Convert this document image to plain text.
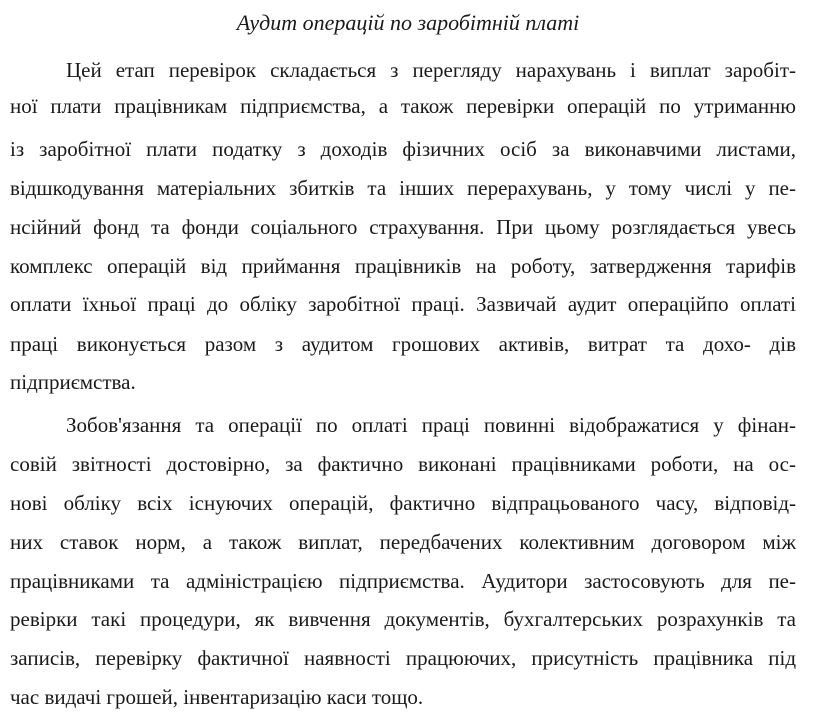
Аудит операцій по заробітній платі
Цей етап перевірок складається з перегляду нарахувань і виплат заробіт-
ної плати працівникам підприємства, а також перевірки операцій по утриманню
із заробітної плати податку з доходів фізичних осіб за виконавчими листами,
відшкодування матеріальних збитків та інших перерахувань, у тому числі у пе-
нсійний фонд та фонди соціального страхування. При цьому розглядається увесь
комплекс операцій від приймання працівників на роботу, затвердження тарифів
оплати їхньої праці до обліку заробітної праці. Зазвичай аудит операційпо оплаті
праці виконується разом з аудитом грошових активів, витрат та дохо- дів
підприємства.
Зобов'язання та операції по оплаті праці повинні відображатися у фінан-
совій звітності достовірно, за фактично виконані працівниками роботи, на ос-
нові обліку всіх існуючих операцій, фактично відпрацьованого часу, відповід-
них ставок норм, а також виплат, передбачених колективним договором між
працівниками та адміністрацією підприємства. Аудитори застосовують для пе-
ревірки такі процедури, як вивчення документів, бухгалтерських розрахунків та
записів, перевірку фактичної наявності працюючих, присутність працівника під
час видачі грошей, інвентаризацію каси тощо.
